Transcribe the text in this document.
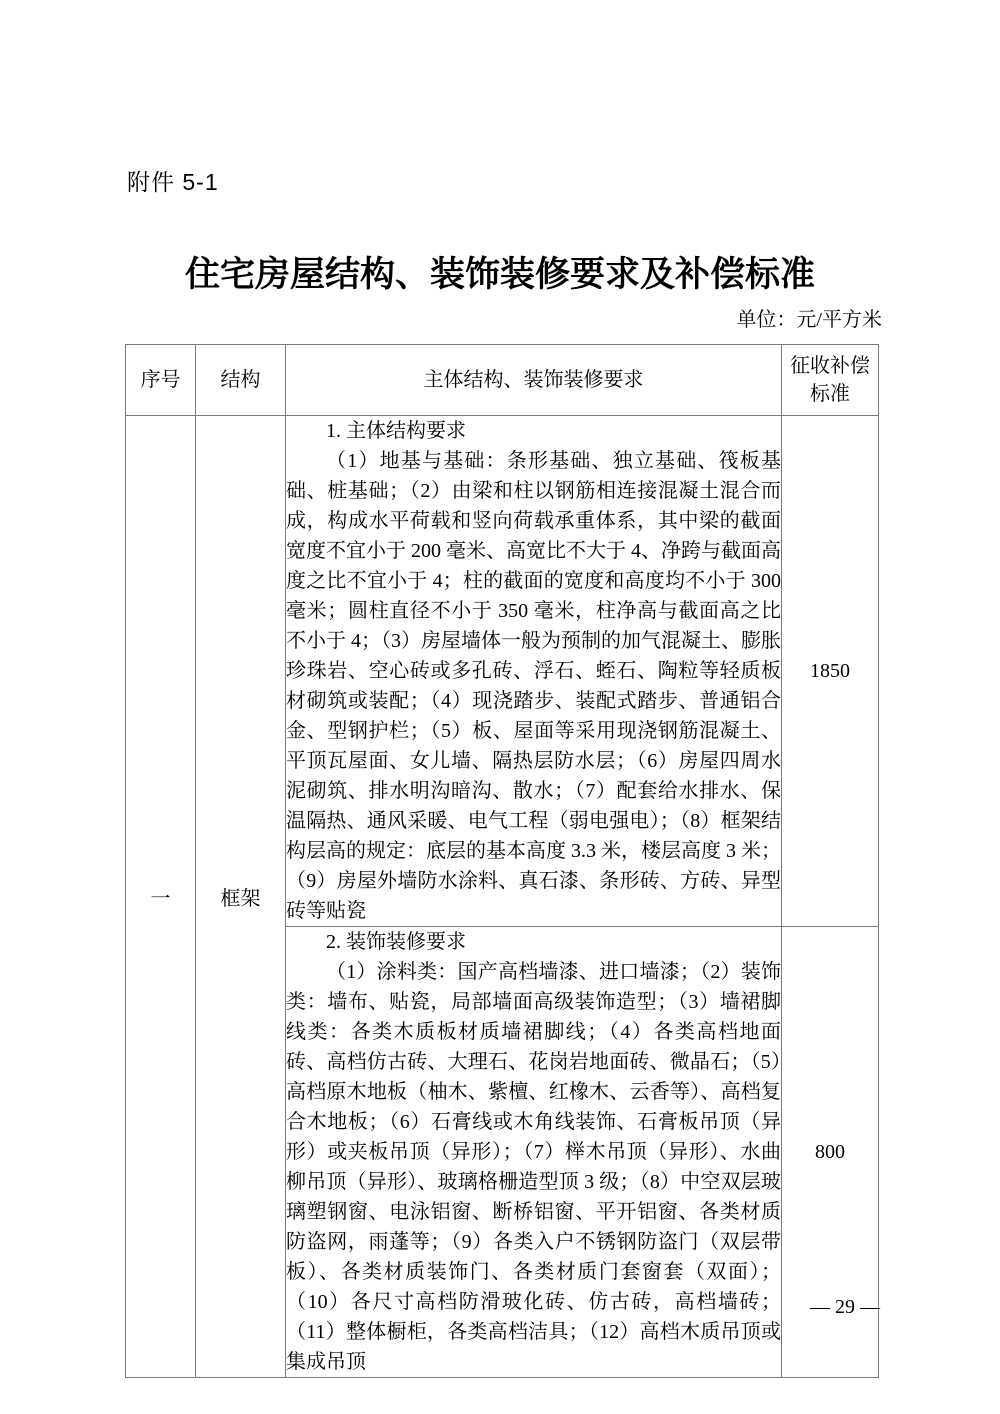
附件 5-1
住宅房屋结构、装饰装修要求及补偿标准
单位：元/平方米
序号	结构	主体结构、装饰装修要求	征收补偿标准
一	框架	1. 主体结构要求

（1）地基与基础：条形基础、独立基础、筏板基础、桩基础；（2）由梁和柱以钢筋相连接混凝土混合而成，构成水平荷载和竖向荷载承重体系，其中梁的截面宽度不宜小于 200 毫米、高宽比不大于 4、净跨与截面高度之比不宜小于 4；柱的截面的宽度和高度均不小于 300 毫米；圆柱直径不小于 350 毫米，柱净高与截面高之比不小于 4；（3）房屋墙体一般为预制的加气混凝土、膨胀珍珠岩、空心砖或多孔砖、浮石、蛭石、陶粒等轻质板材砌筑或装配；（4）现浇踏步、装配式踏步、普通铝合金、型钢护栏；（5）板、屋面等采用现浇钢筋混凝土、平顶瓦屋面、女儿墙、隔热层防水层；（6）房屋四周水泥砌筑、排水明沟暗沟、散水；（7）配套给水排水、保温隔热、通风采暖、电气工程（弱电强电）；（8）框架结构层高的规定：底层的基本高度 3.3 米，楼层高度 3 米；（9）房屋外墙防水涂料、真石漆、条形砖、方砖、异型砖等贴瓷	1850

		2. 装饰装修要求

（1）涂料类：国产高档墙漆、进口墙漆；（2）装饰类：墙布、贴瓷，局部墙面高级装饰造型；（3）墙裙脚线类：各类木质板材质墙裙脚线；（4）各类高档地面砖、高档仿古砖、大理石、花岗岩地面砖、微晶石；（5）高档原木地板（柚木、紫檀、红橡木、云香等）、高档复合木地板；（6）石膏线或木角线装饰、石膏板吊顶（异形）或夹板吊顶（异形）；（7）榉木吊顶（异形）、水曲柳吊顶（异形）、玻璃格栅造型顶 3 级；（8）中空双层玻璃塑钢窗、电泳铝窗、断桥铝窗、平开铝窗、各类材质防盗网，雨蓬等；（9）各类入户不锈钢防盗门（双层带板）、各类材质装饰门、各类材质门套窗套（双面）；（10）各尺寸高档防滑玻化砖、仿古砖，高档墙砖；（11）整体橱柜，各类高档洁具；（12）高档木质吊顶或集成吊顶	800
— 29 —
